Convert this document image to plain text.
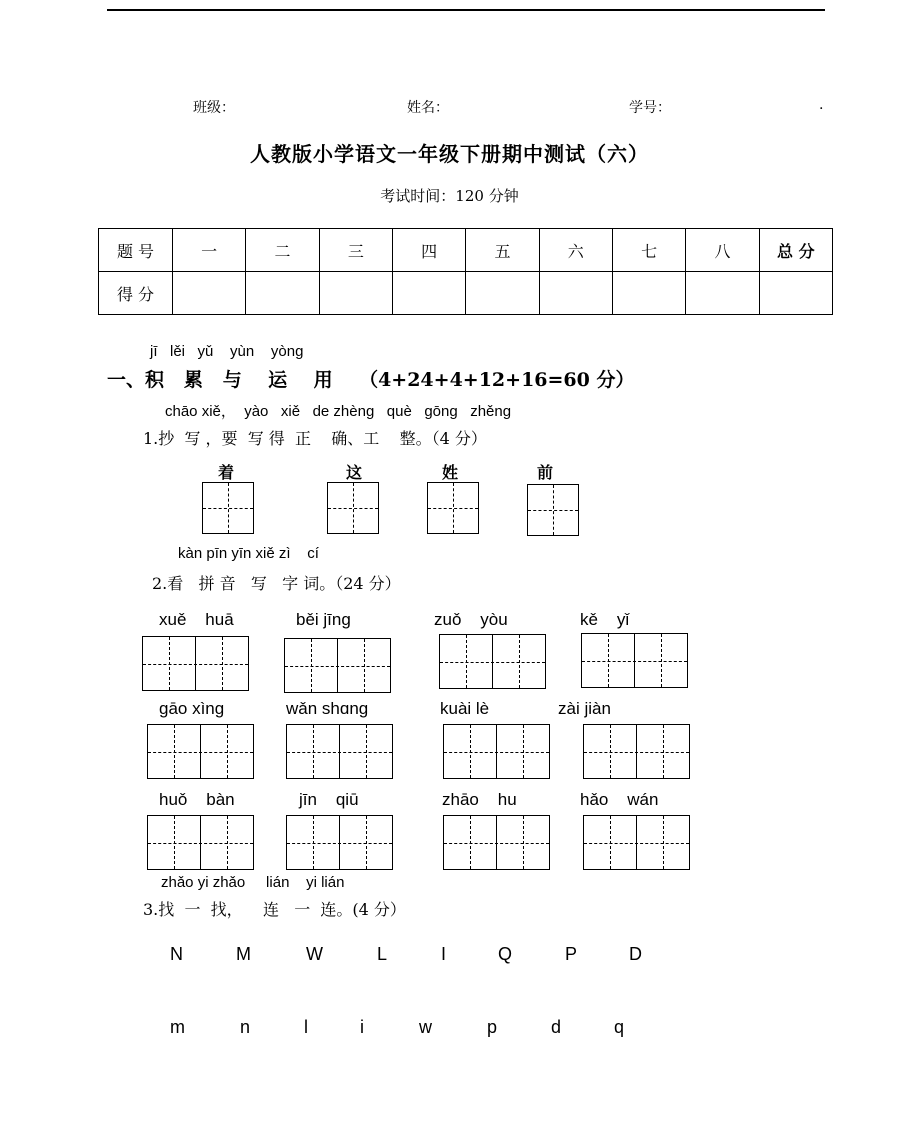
班级：	姓名：	学号：	.
人教版小学语文一年级下册期中测试（六）
考试时间：120 分钟
题 号	一	二	三	四	五	六	七	八	总 分
得 分									
jī   lěi   yǔ    yùn    yòng
一、积   累   与    运    用    （4+24+4+12+16=60 分）
chāo xiě，  yào   xiě   de zhèng   què   gōng   zhěng
1.抄  写 ，要  写 得  正    确、工    整。（4 分）
着	这	姓	前
kàn pīn yīn xiě zì    cí
2.看   拼 音   写   字 词。（24 分）
xuě    huā	běi jīng	zuǒ    yòu	kě    yǐ
gāo xìng	wǎn shɑng	kuài lè	zài jiàn
huǒ    bàn	jīn    qiū	zhāo    hu	hǎo    wán
zhǎo yi zhǎo     lián    yi lián
3.找  一  找，    连   一  连。(4 分）
N	M	W	L	I	Q	P	D
m	n	l	i	w	p	d	q
